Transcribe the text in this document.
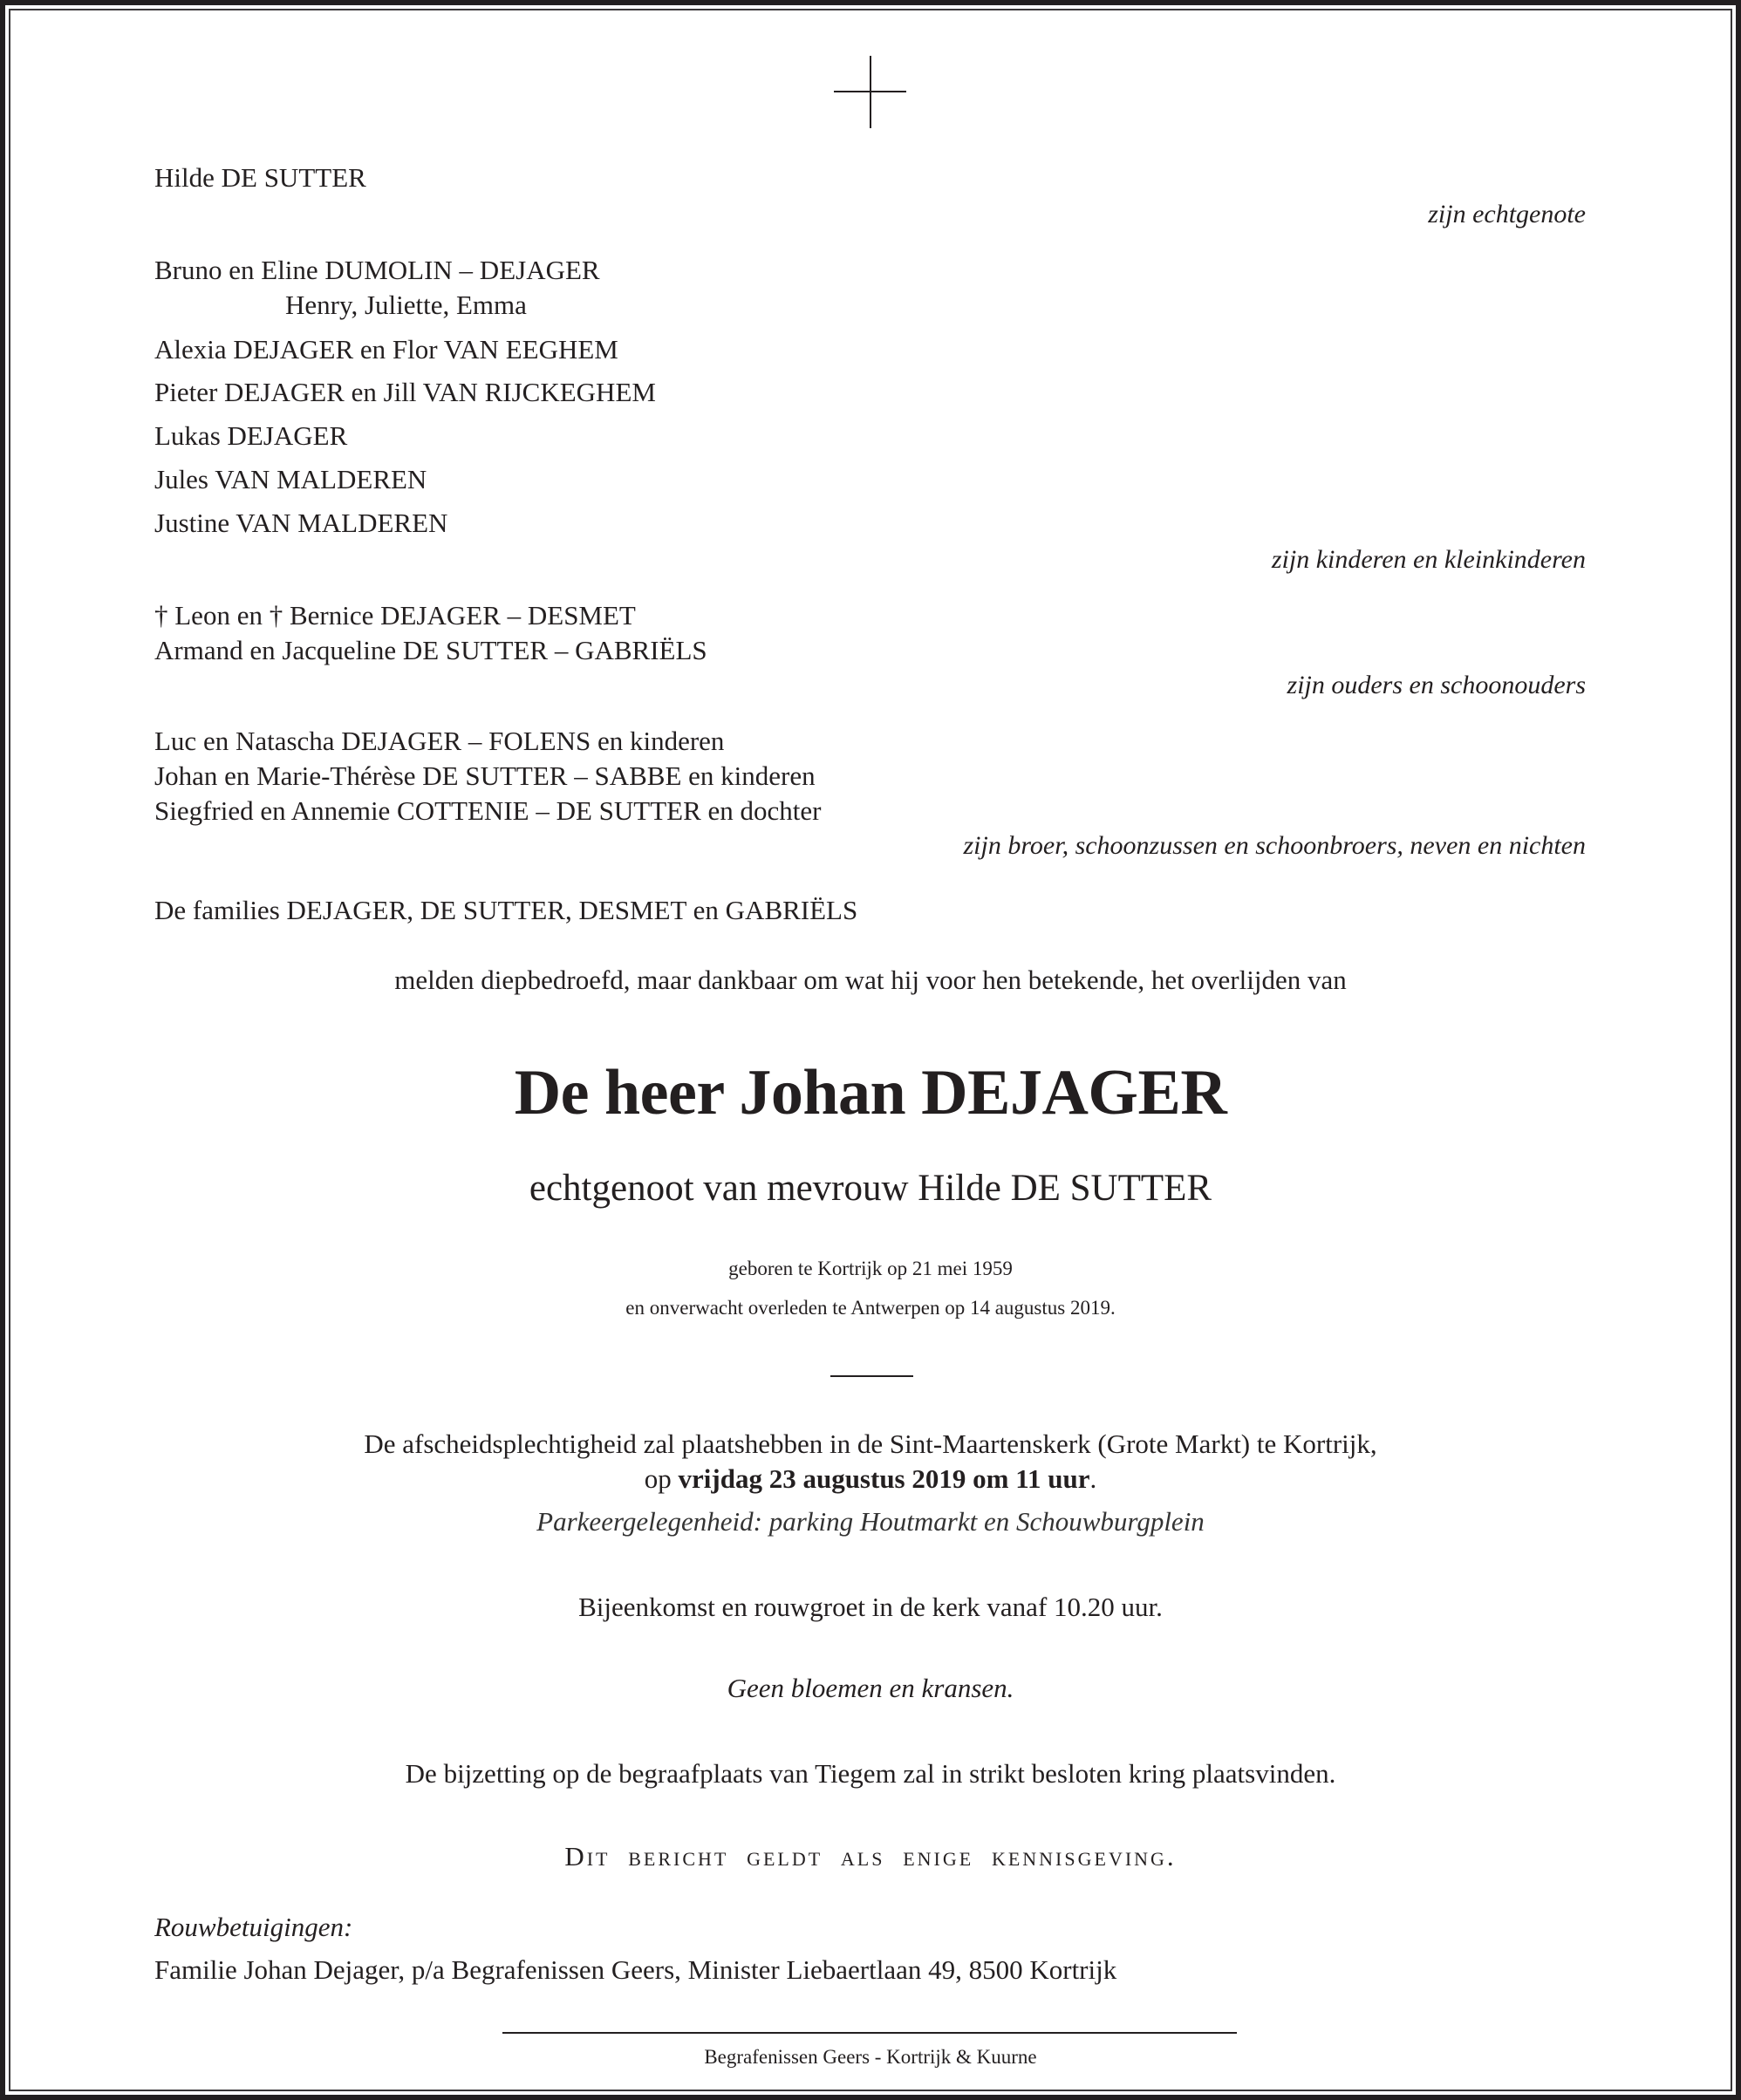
Hilde DE SUTTER
zijn echtgenote
Bruno en Eline DUMOLIN – DEJAGER
Henry, Juliette, Emma
Alexia DEJAGER en Flor VAN EEGHEM
Pieter DEJAGER en Jill VAN RIJCKEGHEM
Lukas DEJAGER
Jules VAN MALDEREN
Justine VAN MALDEREN
zijn kinderen en kleinkinderen
† Leon en † Bernice DEJAGER – DESMET
Armand en Jacqueline DE SUTTER – GABRIËLS
zijn ouders en schoonouders
Luc en Natascha DEJAGER – FOLENS en kinderen
Johan en Marie-Thérèse DE SUTTER – SABBE en kinderen
Siegfried en Annemie COTTENIE – DE SUTTER en dochter
zijn broer, schoonzussen en schoonbroers, neven en nichten
De families DEJAGER, DE SUTTER, DESMET en GABRIËLS
melden diepbedroefd, maar dankbaar om wat hij voor hen betekende, het overlijden van
De heer Johan DEJAGER
echtgenoot van mevrouw Hilde DE SUTTER
geboren te Kortrijk op 21 mei 1959
en onverwacht overleden te Antwerpen op 14 augustus 2019.
De afscheidsplechtigheid zal plaatshebben in de Sint-Maartenskerk (Grote Markt) te Kortrijk,
op vrijdag 23 augustus 2019 om 11 uur.
Parkeergelegenheid: parking Houtmarkt en Schouwburgplein
Bijeenkomst en rouwgroet in de kerk vanaf 10.20 uur.
Geen bloemen en kransen.
De bijzetting op de begraafplaats van Tiegem zal in strikt besloten kring plaatsvinden.
Dit bericht geldt als enige kennisgeving.
Rouwbetuigingen:
Familie Johan Dejager, p/a Begrafenissen Geers, Minister Liebaertlaan 49, 8500 Kortrijk
Begrafenissen Geers - Kortrijk & Kuurne
